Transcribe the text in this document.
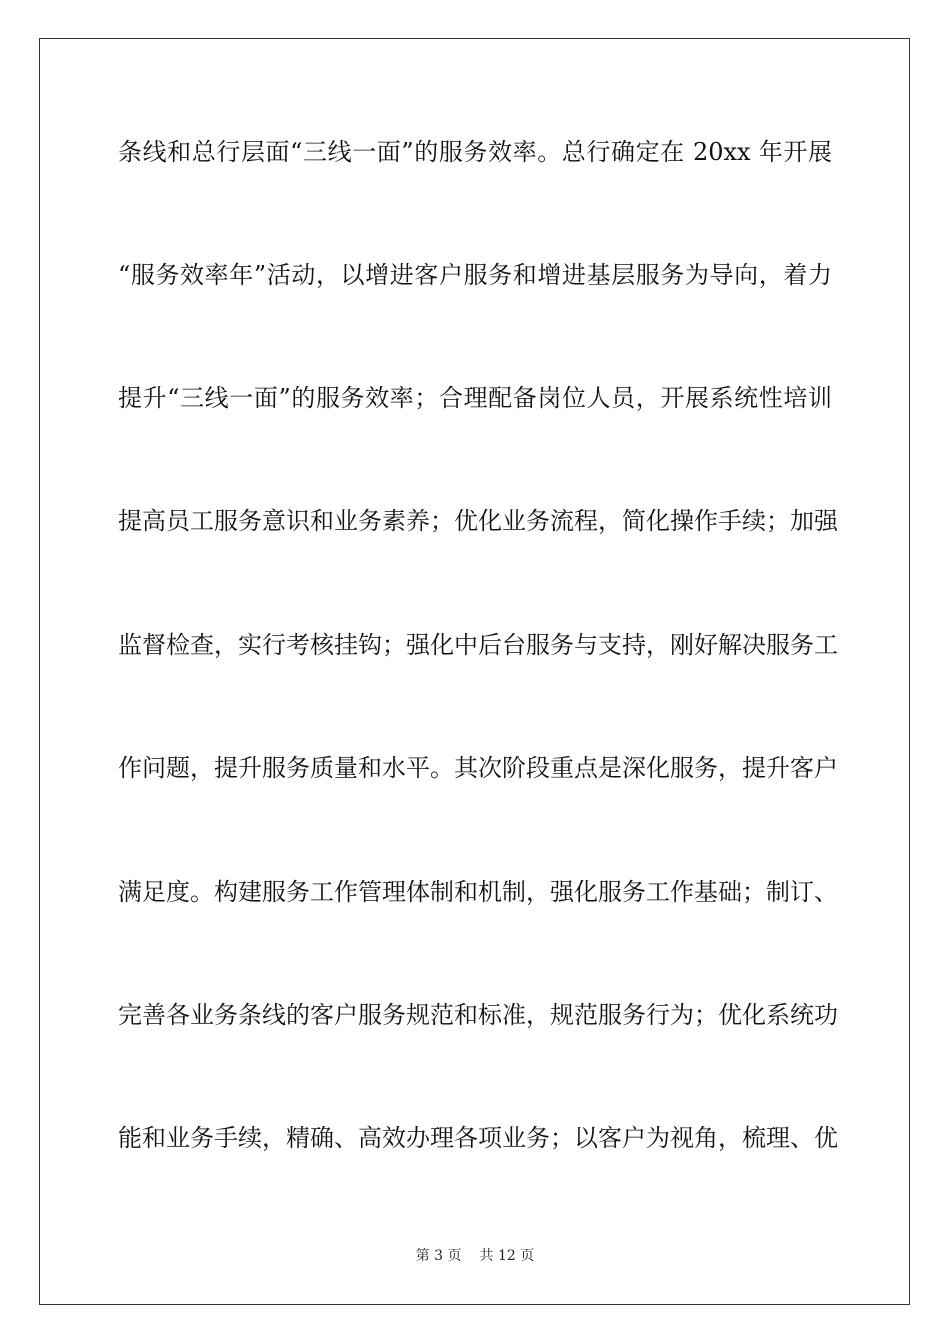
条线和总行层面“三线一面”的服务效率。总行确定在 20xx 年开展
“服务效率年”活动，以增进客户服务和增进基层服务为导向，着力
提升“三线一面”的服务效率；合理配备岗位人员，开展系统性培训
提高员工服务意识和业务素养；优化业务流程，简化操作手续；加强
监督检查，实行考核挂钩；强化中后台服务与支持，刚好解决服务工
作问题，提升服务质量和水平。其次阶段重点是深化服务，提升客户
满足度。构建服务工作管理体制和机制，强化服务工作基础；制订、
完善各业务条线的客户服务规范和标准，规范服务行为；优化系统功
能和业务手续，精确、高效办理各项业务；以客户为视角，梳理、优
第 3 页 共 12 页
